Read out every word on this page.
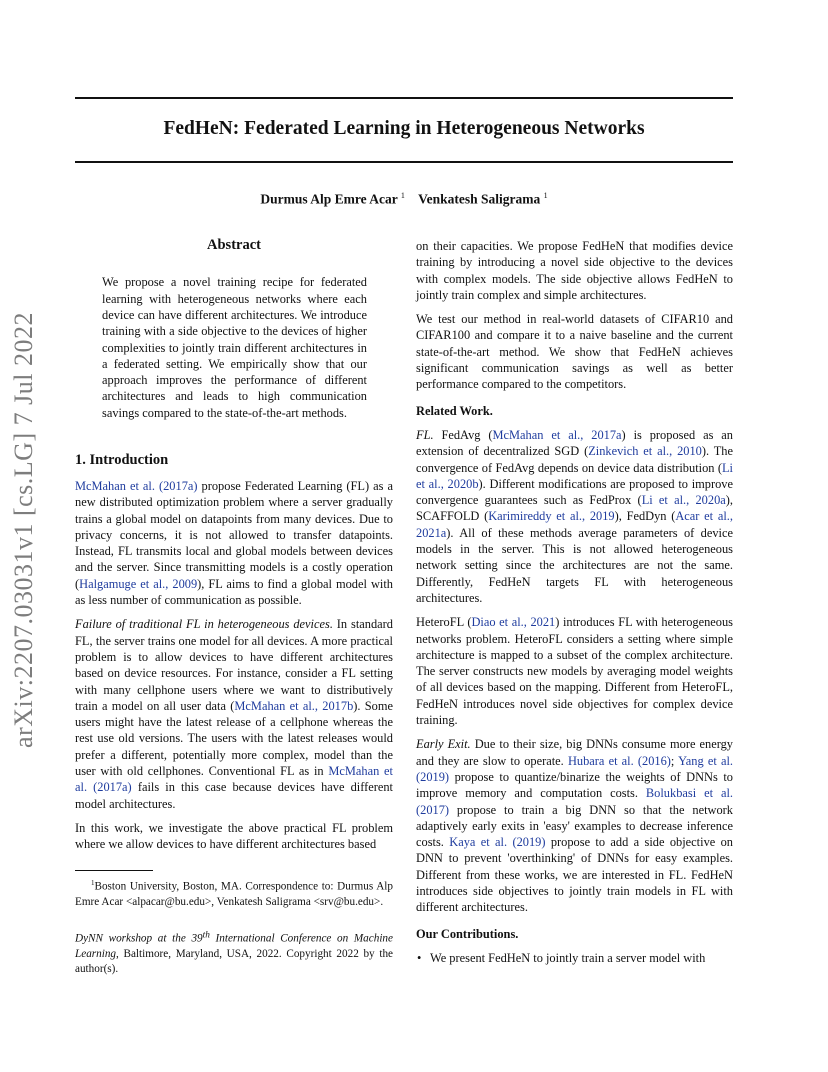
arXiv:2207.03031v1 [cs.LG] 7 Jul 2022
FedHeN: Federated Learning in Heterogeneous Networks
Durmus Alp Emre Acar $^1$ Venkatesh Saligrama $^1$
Abstract

We propose a novel training recipe for federated learning with heterogeneous networks where each device can have different architectures. We introduce training with a side objective to the devices of higher complexities to jointly train different architectures in a federated setting. We empirically show that our approach improves the performance of different architectures and leads to high communication savings compared to the state-of-the-art methods.

1. Introduction

McMahan et al. (2017a) propose Federated Learning (FL) as a new distributed optimization problem where a server gradually trains a global model on datapoints from many devices. Due to privacy concerns, it is not allowed to transfer datapoints. Instead, FL transmits local and global models between devices and the server. Since transmitting models is a costly operation (Halgamuge et al., 2009), FL aims to find a global model with as less number of communication as possible.

Failure of traditional FL in heterogeneous devices. In standard FL, the server trains one model for all devices. A more practical problem is to allow devices to have different architectures based on device resources. For instance, consider a FL setting with many cellphone users where we want to distributively train a model on all user data (McMahan et al., 2017b). Some users might have the latest release of a cellphone whereas the rest use old versions. The users with the latest releases would prefer a different, potentially more complex, model than the user with old cellphones. Conventional FL as in McMahan et al. (2017a) fails in this case because devices have different model architectures.

In this work, we investigate the above practical FL problem where we allow devices to have different architectures based

$^1$Boston University, Boston, MA. Correspondence to: Durmus Alp Emre Acar <alpacar@bu.edu>, Venkatesh Saligrama <srv@bu.edu>.
DyNN workshop at the 39th International Conference on Machine Learning, Baltimore, Maryland, USA, 2022. Copyright 2022 by the author(s).

on their capacities. We propose FedHeN that modifies device training by introducing a novel side objective to the devices with complex models. The side objective allows FedHeN to jointly train complex and simple architectures.

We test our method in real-world datasets of CIFAR10 and CIFAR100 and compare it to a naive baseline and the current state-of-the-art method. We show that FedHeN achieves significant communication savings as well as better performance compared to the competitors.

Related Work.

FL. FedAvg (McMahan et al., 2017a) is proposed as an extension of decentralized SGD (Zinkevich et al., 2010). The convergence of FedAvg depends on device data distribution (Li et al., 2020b). Different modifications are proposed to improve convergence guarantees such as FedProx (Li et al., 2020a), SCAFFOLD (Karimireddy et al., 2019), FedDyn (Acar et al., 2021a). All of these methods average parameters of device models in the server. This is not allowed heterogeneous network setting since the architectures are not the same. Differently, FedHeN targets FL with heterogeneous architectures.

HeteroFL (Diao et al., 2021) introduces FL with heterogeneous networks problem. HeteroFL considers a setting where simple architecture is mapped to a subset of the complex architecture. The server constructs new models by averaging model weights of all devices based on the mapping. Different from HeteroFL, FedHeN introduces novel side objectives for complex device training.

Early Exit. Due to their size, big DNNs consume more energy and they are slow to operate. Hubara et al. (2016); Yang et al. (2019) propose to quantize/binarize the weights of DNNs to improve memory and computation costs. Bolukbasi et al. (2017) propose to train a big DNN so that the network adaptively early exits in 'easy' examples to decrease inference costs. Kaya et al. (2019) propose to add a side objective on DNN to prevent 'overthinking' of DNNs for easy examples. Different from these works, we are interested in FL. FedHeN introduces side objectives to jointly train models in FL with different architectures.

Our Contributions.

• We present FedHeN to jointly train a server model with
